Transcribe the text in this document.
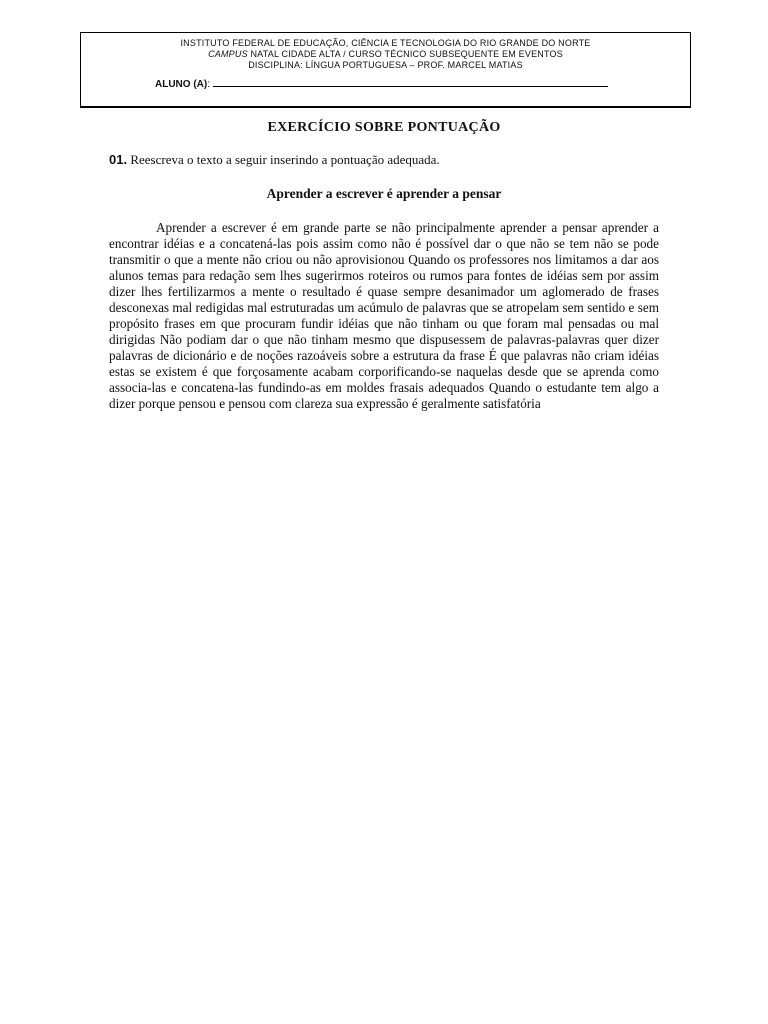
INSTITUTO FEDERAL DE EDUCAÇÃO, CIÊNCIA E TECNOLOGIA DO RIO GRANDE DO NORTE
CAMPUS NATAL CIDADE ALTA / CURSO TÉCNICO SUBSEQUENTE EM EVENTOS
DISCIPLINA: LÍNGUA PORTUGUESA – PROF. MARCEL MATIAS
ALUNO (A):
EXERCÍCIO SOBRE PONTUAÇÃO
01. Reescreva o texto a seguir inserindo a pontuação adequada.
Aprender a escrever é aprender a pensar
Aprender a escrever é em grande parte se não principalmente aprender a pensar aprender a encontrar idéias e a concatená-las pois assim como não é possível dar o que não se tem não se pode transmitir o que a mente não criou ou não aprovisionou Quando os professores nos limitamos a dar aos alunos temas para redação sem lhes sugerirmos roteiros ou rumos para fontes de idéias sem por assim dizer lhes fertilizarmos a mente o resultado é quase sempre desanimador um aglomerado de frases desconexas mal redigidas mal estruturadas um acúmulo de palavras que se atropelam sem sentido e sem propósito frases em que procuram fundir idéias que não tinham ou que foram mal pensadas ou mal dirigidas Não podiam dar o que não tinham mesmo que dispusessem de palavras-palavras quer dizer palavras de dicionário e de noções razoáveis sobre a estrutura da frase É que palavras não criam idéias estas se existem é que forçosamente acabam corporificando-se naquelas desde que se aprenda como associa-las e concatena-las fundindo-as em moldes frasais adequados Quando o estudante tem algo a dizer porque pensou e pensou com clareza sua expressão é geralmente satisfatória
